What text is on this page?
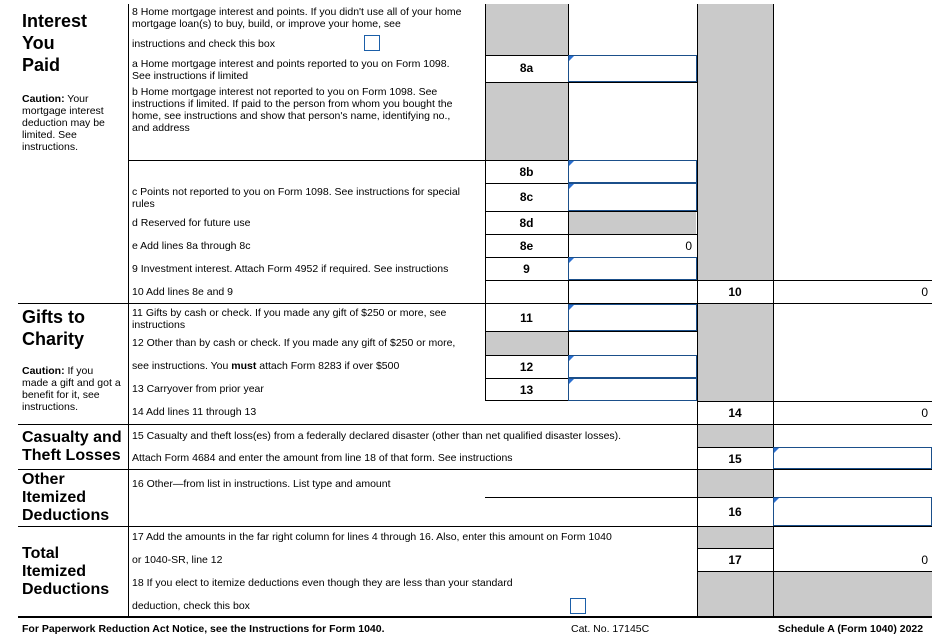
Interest
You
Paid
Caution: Your mortgage interest deduction may be limited. See instructions.
8 Home mortgage interest and points. If you didn't use all of your home
mortgage loan(s) to buy, build, or improve your home, see
instructions and check this box
a Home mortgage interest and points reported to you on Form 1098.
See instructions if limited
8a
b Home mortgage interest not reported to you on Form 1098. See
instructions if limited. If paid to the person from whom you bought the
home, see instructions and show that person's name, identifying no.,
and address
8b
c Points not reported to you on Form 1098. See instructions for special
rules	8c
d Reserved for future use	8d
e Add lines 8a through 8c	8e	0
9 Investment interest. Attach Form 4952 if required. See instructions	9
10 Add lines 8e and 9	10	0
Gifts to
Charity
Caution: If you made a gift and got a benefit for it, see instructions.
11 Gifts by cash or check. If you made any gift of $250 or more, see
instructions	11
12 Other than by cash or check. If you made any gift of $250 or more,
see instructions. You must attach Form 8283 if over $500	12
13 Carryover from prior year	13
14 Add lines 11 through 13	14	0
Casualty and
Theft Losses
15 Casualty and theft loss(es) from a federally declared disaster (other than net qualified disaster losses).
Attach Form 4684 and enter the amount from line 18 of that form. See instructions	15
Other
Itemized
Deductions
16 Other—from list in instructions. List type and amount
16
Total
Itemized
Deductions
17 Add the amounts in the far right column for lines 4 through 16. Also, enter this amount on Form 1040
or 1040-SR, line 12	17	0
18 If you elect to itemize deductions even though they are less than your standard
deduction, check this box
For Paperwork Reduction Act Notice, see the Instructions for Form 1040.	Cat. No. 17145C	Schedule A (Form 1040) 2022
